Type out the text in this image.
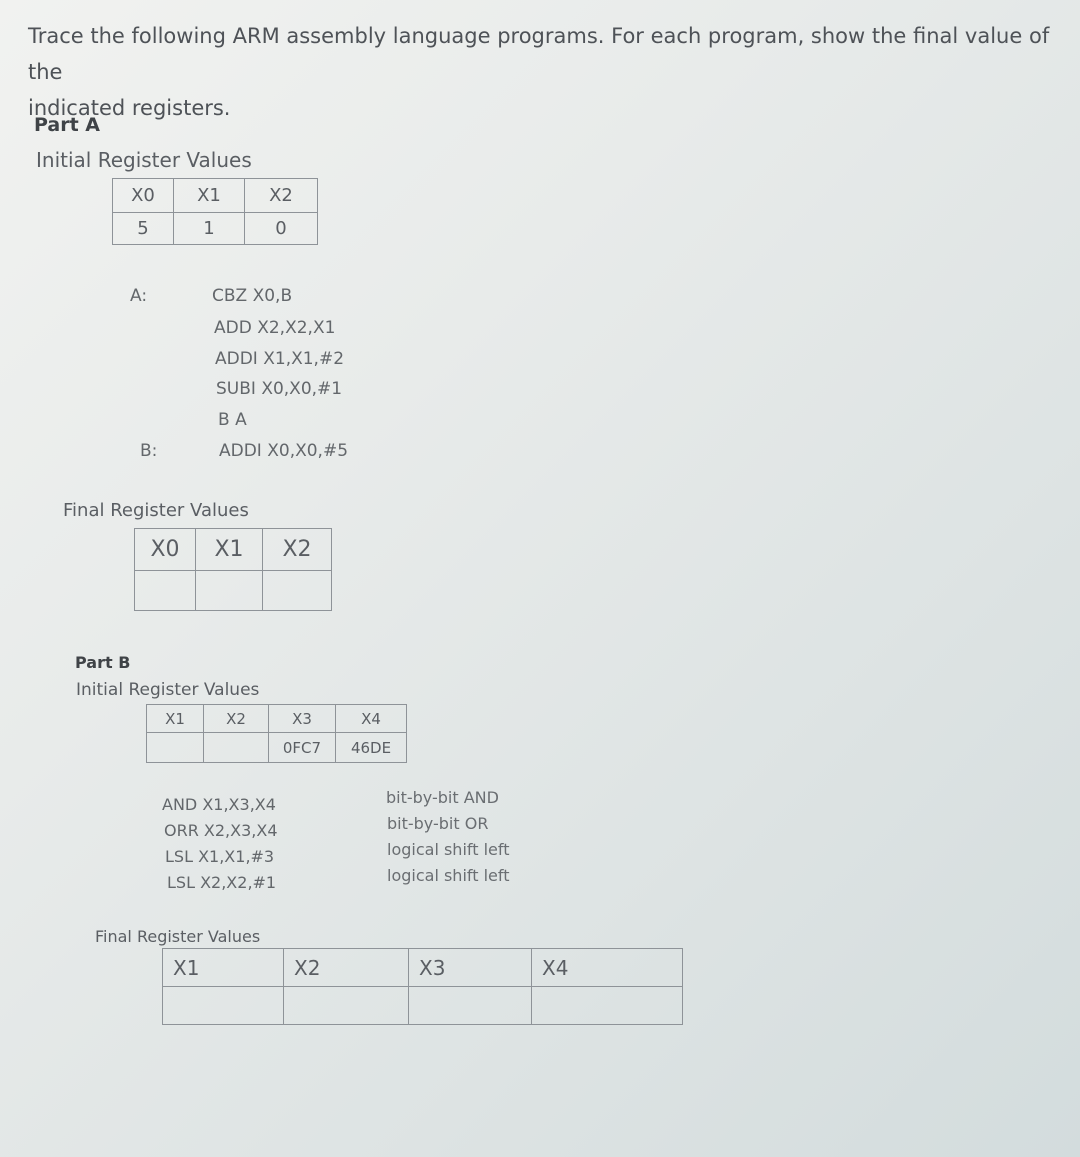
Trace the following ARM assembly language programs. For each program, show the final value of the
indicated registers.
Part A
Initial Register Values
X0	X1	X2
5	1	0
A:	CBZ X0,B
ADD X2,X2,X1
ADDI X1,X1,#2
SUBI X0,X0,#1
B A
B:	ADDI X0,X0,#5
Final Register Values
X0	X1	X2

Part B
Initial Register Values
X1	X2	X3	X4
		0FC7	46DE
AND X1,X3,X4
ORR X2,X3,X4
LSL X1,X1,#3
LSL X2,X2,#1
bit-by-bit AND
bit-by-bit OR
logical shift left
logical shift left
Final Register Values
X1	X2	X3	X4
